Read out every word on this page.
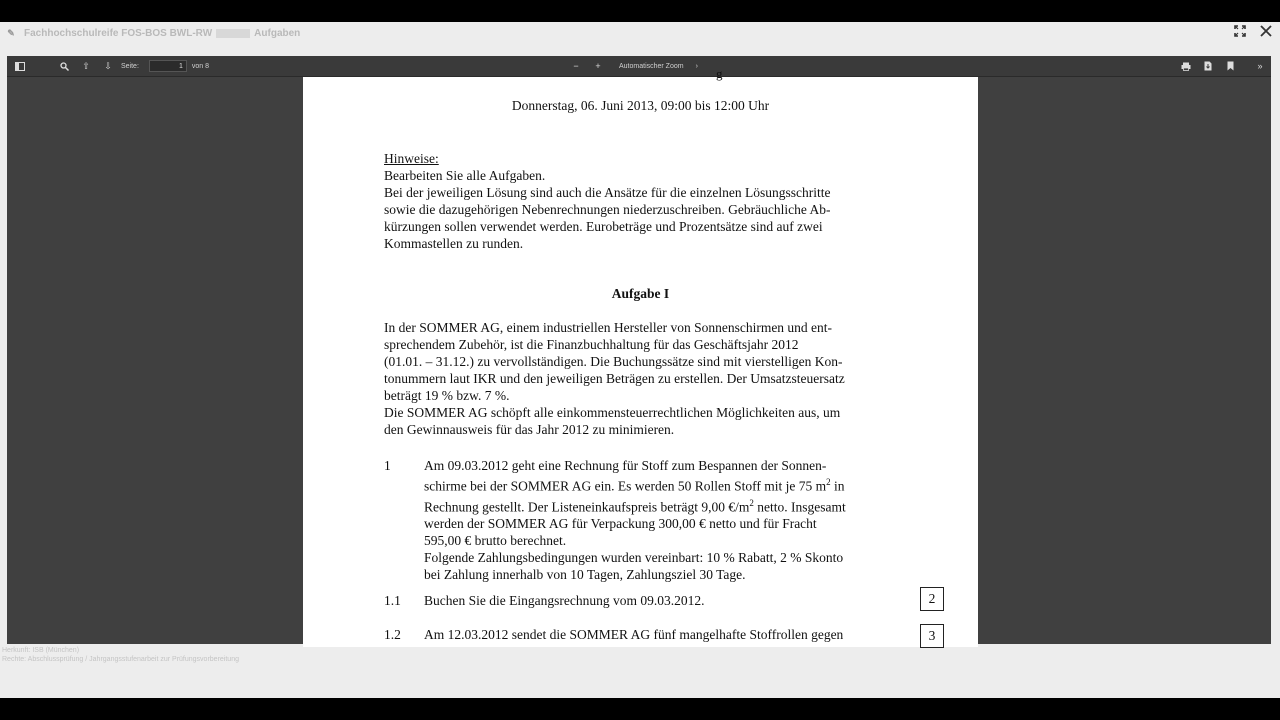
✎ Fachhochschulreife FOS-BOS BWL-RW	Aufgaben
⇧	⇩	Seite:
1	von 8	−	+	Automatischer Zoom ›	»
g
Donnerstag, 06. Juni 2013, 09:00 bis 12:00 Uhr
Hinweise:
Bearbeiten Sie alle Aufgaben.
Bei der jeweiligen Lösung sind auch die Ansätze für die einzelnen Lösungsschritte
sowie die dazugehörigen Nebenrechnungen niederzuschreiben. Gebräuchliche Ab-
kürzungen sollen verwendet werden. Eurobeträge und Prozentsätze sind auf zwei
Kommastellen zu runden.
Aufgabe I
In der SOMMER AG, einem industriellen Hersteller von Sonnenschirmen und ent-
sprechendem Zubehör, ist die Finanzbuchhaltung für das Geschäftsjahr 2012
(01.01. – 31.12.) zu vervollständigen. Die Buchungssätze sind mit vierstelligen Kon-
tonummern laut IKR und den jeweiligen Beträgen zu erstellen. Der Umsatzsteuersatz
beträgt 19 % bzw. 7 %.
Die SOMMER AG schöpft alle einkommensteuerrechtlichen Möglichkeiten aus, um
den Gewinnausweis für das Jahr 2012 zu minimieren.
1 Am 09.03.2012 geht eine Rechnung für Stoff zum Bespannen der Sonnen-
schirme bei der SOMMER AG ein. Es werden 50 Rollen Stoff mit je 75 $m^2$ in
Rechnung gestellt. Der Listeneinkaufspreis beträgt 9,00 $€/m^2$ netto. Insgesamt
werden der SOMMER AG für Verpackung 300,00 € netto und für Fracht
595,00 € brutto berechnet.
Folgende Zahlungsbedingungen wurden vereinbart: 10 % Rabatt, 2 % Skonto
bei Zahlung innerhalb von 10 Tagen, Zahlungsziel 30 Tage.
1.1 Buchen Sie die Eingangsrechnung vom 09.03.2012.	2
1.2 Am 12.03.2012 sendet die SOMMER AG fünf mangelhafte Stoffrollen gegen	3
Herkunft: ISB (München)
Rechte: Abschlussprüfung / Jahrgangsstufenarbeit zur Prüfungsvorbereitung
